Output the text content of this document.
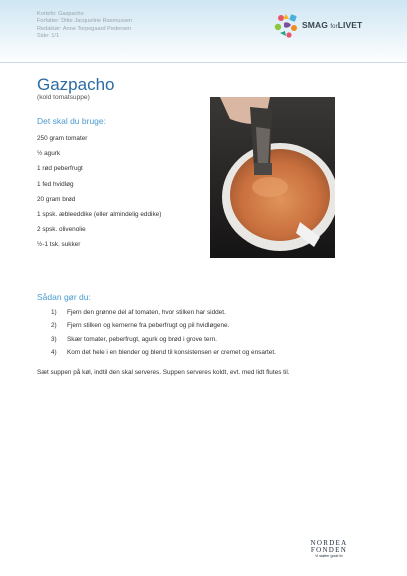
Kortefo: Gazpacho
Forfatter: Ditte Jacqueline Rasmussen
Redaktør: Anne Torpegaard Pedersen
Side: 1/1
SMAG forLIVET
Gazpacho
(kold tomatsuppe)
Det skal du bruge:
250 gram tomater
½ agurk
1 rød peberfrugt
1 fed hvidløg
20 gram brød
1 spsk. æbleeddike (eller almindelig eddike)
2 spsk. olivenolie
½-1 tsk. sukker
Sådan gør du:
1) Fjern den grønne del af tomaten, hvor stilken har siddet.
2) Fjern stilken og kernerne fra peberfrugt og pil hvidløgene.
3) Skær tomater, peberfrugt, agurk og brød i grove tern.
4) Kom det hele i en blender og blend til konsistensen er cremet og ensartet.
Sæt suppen på køl, indtil den skal serveres. Suppen serveres koldt, evt. med lidt flutes til.
NORDEA
FONDEN
Vi støtter gode liv
